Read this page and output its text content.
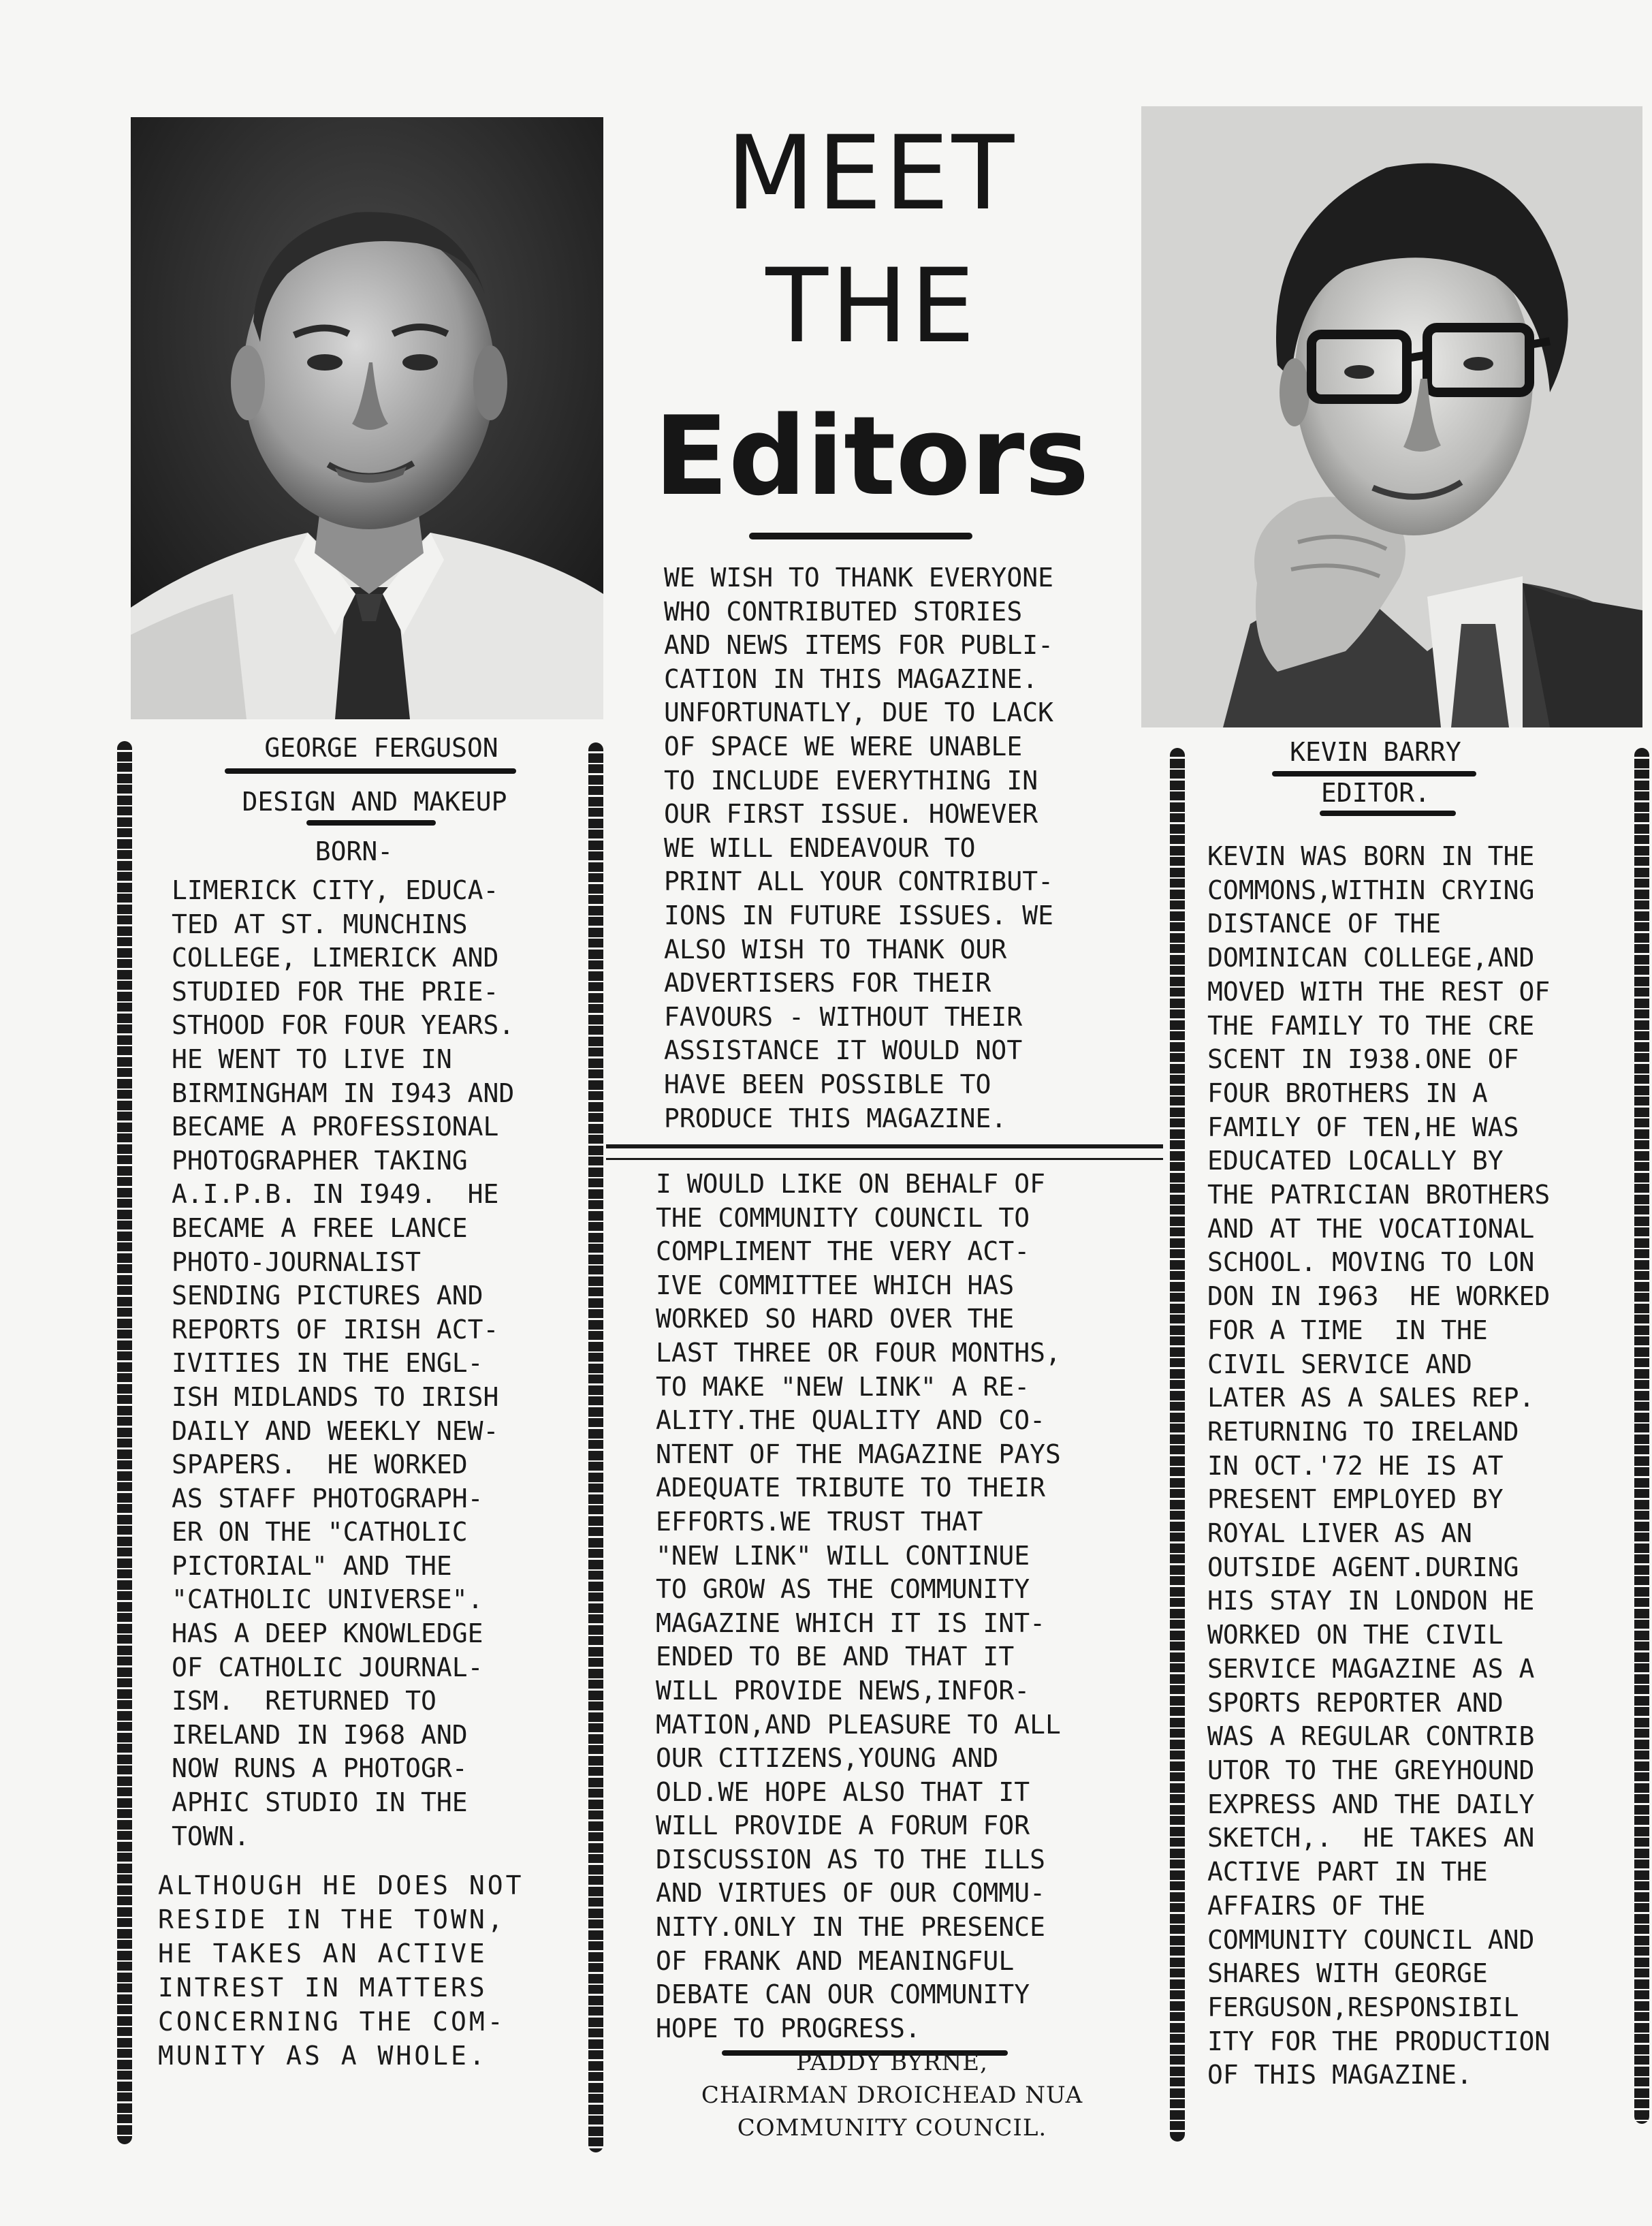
MEET
THE
Editors
GEORGE FERGUSON
DESIGN AND MAKEUP
BORN-
LIMERICK CITY, EDUCA-
TED AT ST. MUNCHINS
COLLEGE, LIMERICK AND
STUDIED FOR THE PRIE-
STHOOD FOR FOUR YEARS.
HE WENT TO LIVE IN
BIRMINGHAM IN I943 AND
BECAME A PROFESSIONAL
PHOTOGRAPHER TAKING
A.I.P.B. IN I949.  HE
BECAME A FREE LANCE
PHOTO-JOURNALIST
SENDING PICTURES AND
REPORTS OF IRISH ACT-
IVITIES IN THE ENGL-
ISH MIDLANDS TO IRISH
DAILY AND WEEKLY NEW-
SPAPERS.  HE WORKED
AS STAFF PHOTOGRAPH-
ER ON THE "CATHOLIC
PICTORIAL" AND THE
"CATHOLIC UNIVERSE".
HAS A DEEP KNOWLEDGE
OF CATHOLIC JOURNAL-
ISM.  RETURNED TO
IRELAND IN I968 AND
NOW RUNS A PHOTOGR-
APHIC STUDIO IN THE
TOWN.
ALTHOUGH HE DOES NOT
RESIDE IN THE TOWN,
HE TAKES AN ACTIVE
INTREST IN MATTERS
CONCERNING THE COM-
MUNITY AS A WHOLE.
WE WISH TO THANK EVERYONE
WHO CONTRIBUTED STORIES
AND NEWS ITEMS FOR PUBLI-
CATION IN THIS MAGAZINE.
UNFORTUNATLY, DUE TO LACK
OF SPACE WE WERE UNABLE
TO INCLUDE EVERYTHING IN
OUR FIRST ISSUE. HOWEVER
WE WILL ENDEAVOUR TO
PRINT ALL YOUR CONTRIBUT-
IONS IN FUTURE ISSUES. WE
ALSO WISH TO THANK OUR
ADVERTISERS FOR THEIR
FAVOURS - WITHOUT THEIR
ASSISTANCE IT WOULD NOT
HAVE BEEN POSSIBLE TO
PRODUCE THIS MAGAZINE.
I WOULD LIKE ON BEHALF OF
THE COMMUNITY COUNCIL TO
COMPLIMENT THE VERY ACT-
IVE COMMITTEE WHICH HAS
WORKED SO HARD OVER THE
LAST THREE OR FOUR MONTHS,
TO MAKE "NEW LINK" A RE-
ALITY.THE QUALITY AND CO-
NTENT OF THE MAGAZINE PAYS
ADEQUATE TRIBUTE TO THEIR
EFFORTS.WE TRUST THAT
"NEW LINK" WILL CONTINUE
TO GROW AS THE COMMUNITY
MAGAZINE WHICH IT IS INT-
ENDED TO BE AND THAT IT
WILL PROVIDE NEWS,INFOR-
MATION,AND PLEASURE TO ALL
OUR CITIZENS,YOUNG AND
OLD.WE HOPE ALSO THAT IT
WILL PROVIDE A FORUM FOR
DISCUSSION AS TO THE ILLS
AND VIRTUES OF OUR COMMU-
NITY.ONLY IN THE PRESENCE
OF FRANK AND MEANINGFUL
DEBATE CAN OUR COMMUNITY
HOPE TO PROGRESS.
PADDY BYRNE,
CHAIRMAN DROICHEAD NUA
COMMUNITY COUNCIL.
KEVIN BARRY
EDITOR.
KEVIN WAS BORN IN THE
COMMONS,WITHIN CRYING
DISTANCE OF THE
DOMINICAN COLLEGE,AND
MOVED WITH THE REST OF
THE FAMILY TO THE CRE
SCENT IN I938.ONE OF
FOUR BROTHERS IN A
FAMILY OF TEN,HE WAS
EDUCATED LOCALLY BY
THE PATRICIAN BROTHERS
AND AT THE VOCATIONAL
SCHOOL. MOVING TO LON
DON IN I963  HE WORKED
FOR A TIME  IN THE
CIVIL SERVICE AND
LATER AS A SALES REP.
RETURNING TO IRELAND
IN OCT.'72 HE IS AT
PRESENT EMPLOYED BY
ROYAL LIVER AS AN
OUTSIDE AGENT.DURING
HIS STAY IN LONDON HE
WORKED ON THE CIVIL
SERVICE MAGAZINE AS A
SPORTS REPORTER AND
WAS A REGULAR CONTRIB
UTOR TO THE GREYHOUND
EXPRESS AND THE DAILY
SKETCH,.  HE TAKES AN
ACTIVE PART IN THE
AFFAIRS OF THE
COMMUNITY COUNCIL AND
SHARES WITH GEORGE
FERGUSON,RESPONSIBIL
ITY FOR THE PRODUCTION
OF THIS MAGAZINE.
